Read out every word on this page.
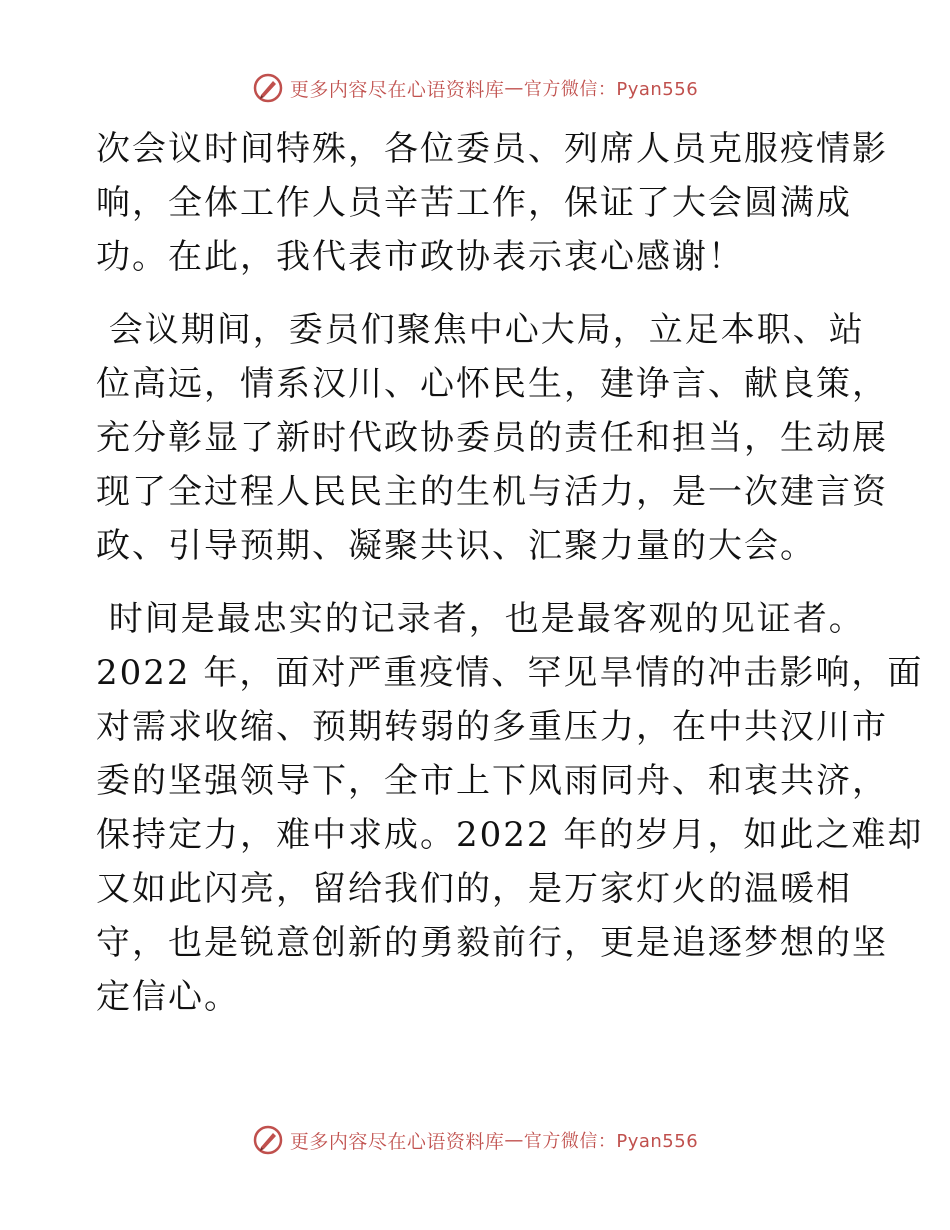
更多内容尽在心语资料库 — 官方微信：Pyan556

次会议时间特殊，各位委员、列席人员克服疫情影
响，全体工作人员辛苦工作，保证了大会圆满成
功。在此，我代表市政协表示衷心感谢！

会议期间，委员们聚焦中心大局，立足本职、站
位高远，情系汉川、心怀民生，建诤言、献良策，
充分彰显了新时代政协委员的责任和担当，生动展
现了全过程人民民主的生机与活力，是一次建言资
政、引导预期、凝聚共识、汇聚力量的大会。

时间是最忠实的记录者，也是最客观的见证者。
2022 年，面对严重疫情、罕见旱情的冲击影响，面
对需求收缩、预期转弱的多重压力，在中共汉川市
委的坚强领导下，全市上下风雨同舟、和衷共济，
保持定力，难中求成。2022 年的岁月，如此之难却
又如此闪亮，留给我们的，是万家灯火的温暖相
守，也是锐意创新的勇毅前行，更是追逐梦想的坚
定信心。

更多内容尽在心语资料库 — 官方微信：Pyan556
